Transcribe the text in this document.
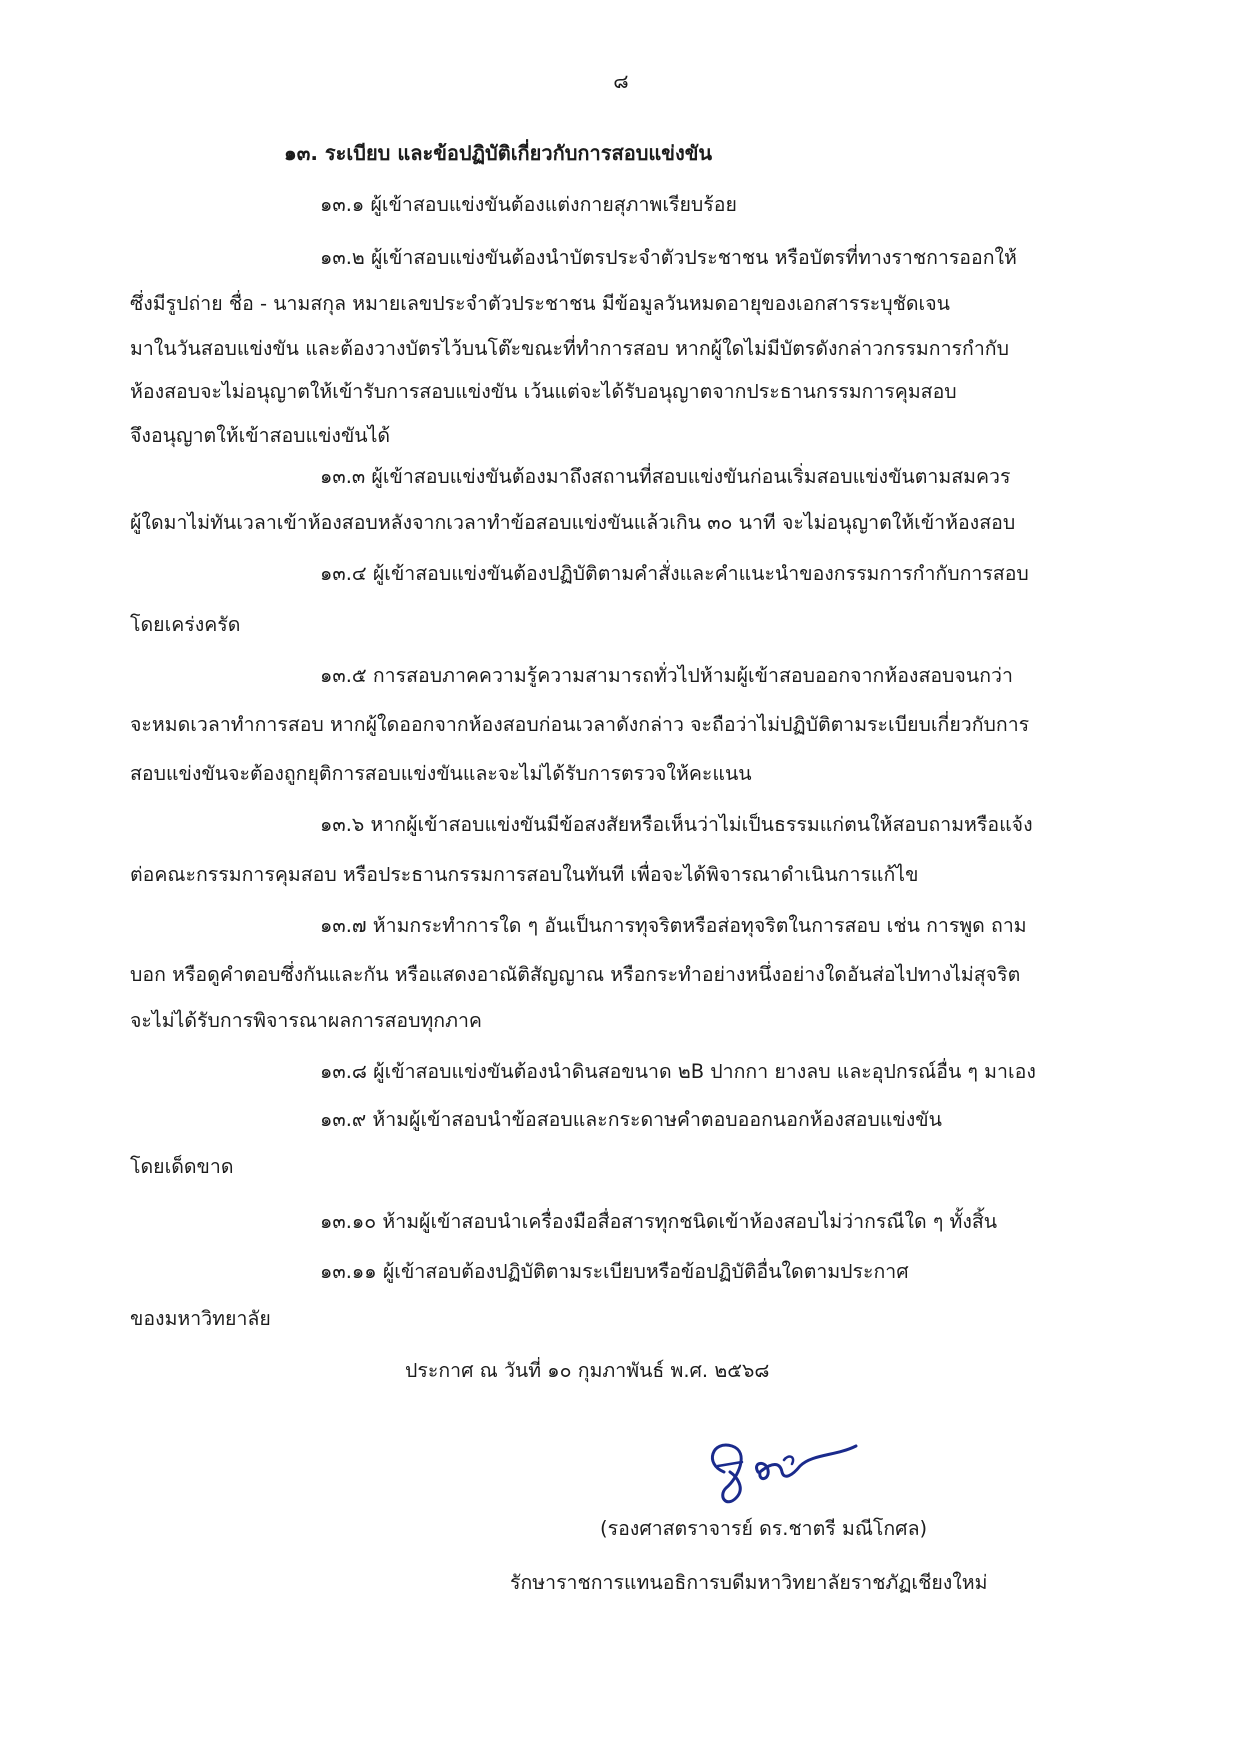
๘

๑๓. ระเบียบ และข้อปฏิบัติเกี่ยวกับการสอบแข่งขัน

๑๓.๑ ผู้เข้าสอบแข่งขันต้องแต่งกายสุภาพเรียบร้อย

๑๓.๒ ผู้เข้าสอบแข่งขันต้องนำบัตรประจำตัวประชาชน หรือบัตรที่ทางราชการออกให้

ซึ่งมีรูปถ่าย ชื่อ - นามสกุล หมายเลขประจำตัวประชาชน มีข้อมูลวันหมดอายุของเอกสารระบุชัดเจน

มาในวันสอบแข่งขัน และต้องวางบัตรไว้บนโต๊ะขณะที่ทำการสอบ หากผู้ใดไม่มีบัตรดังกล่าวกรรมการกำกับ

ห้องสอบจะไม่อนุญาตให้เข้ารับการสอบแข่งขัน เว้นแต่จะได้รับอนุญาตจากประธานกรรมการคุมสอบ

จึงอนุญาตให้เข้าสอบแข่งขันได้

๑๓.๓ ผู้เข้าสอบแข่งขันต้องมาถึงสถานที่สอบแข่งขันก่อนเริ่มสอบแข่งขันตามสมควร

ผู้ใดมาไม่ทันเวลาเข้าห้องสอบหลังจากเวลาทำข้อสอบแข่งขันแล้วเกิน ๓๐ นาที จะไม่อนุญาตให้เข้าห้องสอบ

๑๓.๔ ผู้เข้าสอบแข่งขันต้องปฏิบัติตามคำสั่งและคำแนะนำของกรรมการกำกับการสอบ

โดยเคร่งครัด

๑๓.๕ การสอบภาคความรู้ความสามารถทั่วไปห้ามผู้เข้าสอบออกจากห้องสอบจนกว่า

จะหมดเวลาทำการสอบ หากผู้ใดออกจากห้องสอบก่อนเวลาดังกล่าว จะถือว่าไม่ปฏิบัติตามระเบียบเกี่ยวกับการ

สอบแข่งขันจะต้องถูกยุติการสอบแข่งขันและจะไม่ได้รับการตรวจให้คะแนน

๑๓.๖ หากผู้เข้าสอบแข่งขันมีข้อสงสัยหรือเห็นว่าไม่เป็นธรรมแก่ตนให้สอบถามหรือแจ้ง

ต่อคณะกรรมการคุมสอบ หรือประธานกรรมการสอบในทันที เพื่อจะได้พิจารณาดำเนินการแก้ไข

๑๓.๗ ห้ามกระทำการใด ๆ อันเป็นการทุจริตหรือส่อทุจริตในการสอบ เช่น การพูด ถาม

บอก หรือดูคำตอบซึ่งกันและกัน หรือแสดงอาณัติสัญญาณ หรือกระทำอย่างหนึ่งอย่างใดอันส่อไปทางไม่สุจริต

จะไม่ได้รับการพิจารณาผลการสอบทุกภาค

๑๓.๘ ผู้เข้าสอบแข่งขันต้องนำดินสอขนาด ๒B ปากกา ยางลบ และอุปกรณ์อื่น ๆ มาเอง

๑๓.๙ ห้ามผู้เข้าสอบนำข้อสอบและกระดาษคำตอบออกนอกห้องสอบแข่งขัน

โดยเด็ดขาด

๑๓.๑๐ ห้ามผู้เข้าสอบนำเครื่องมือสื่อสารทุกชนิดเข้าห้องสอบไม่ว่ากรณีใด ๆ ทั้งสิ้น

๑๓.๑๑ ผู้เข้าสอบต้องปฏิบัติตามระเบียบหรือข้อปฏิบัติอื่นใดตามประกาศ

ของมหาวิทยาลัย

ประกาศ ณ วันที่ ๑๐ กุมภาพันธ์ พ.ศ. ๒๕๖๘

(รองศาสตราจารย์ ดร.ชาตรี มณีโกศล)

รักษาราชการแทนอธิการบดีมหาวิทยาลัยราชภัฏเชียงใหม่
